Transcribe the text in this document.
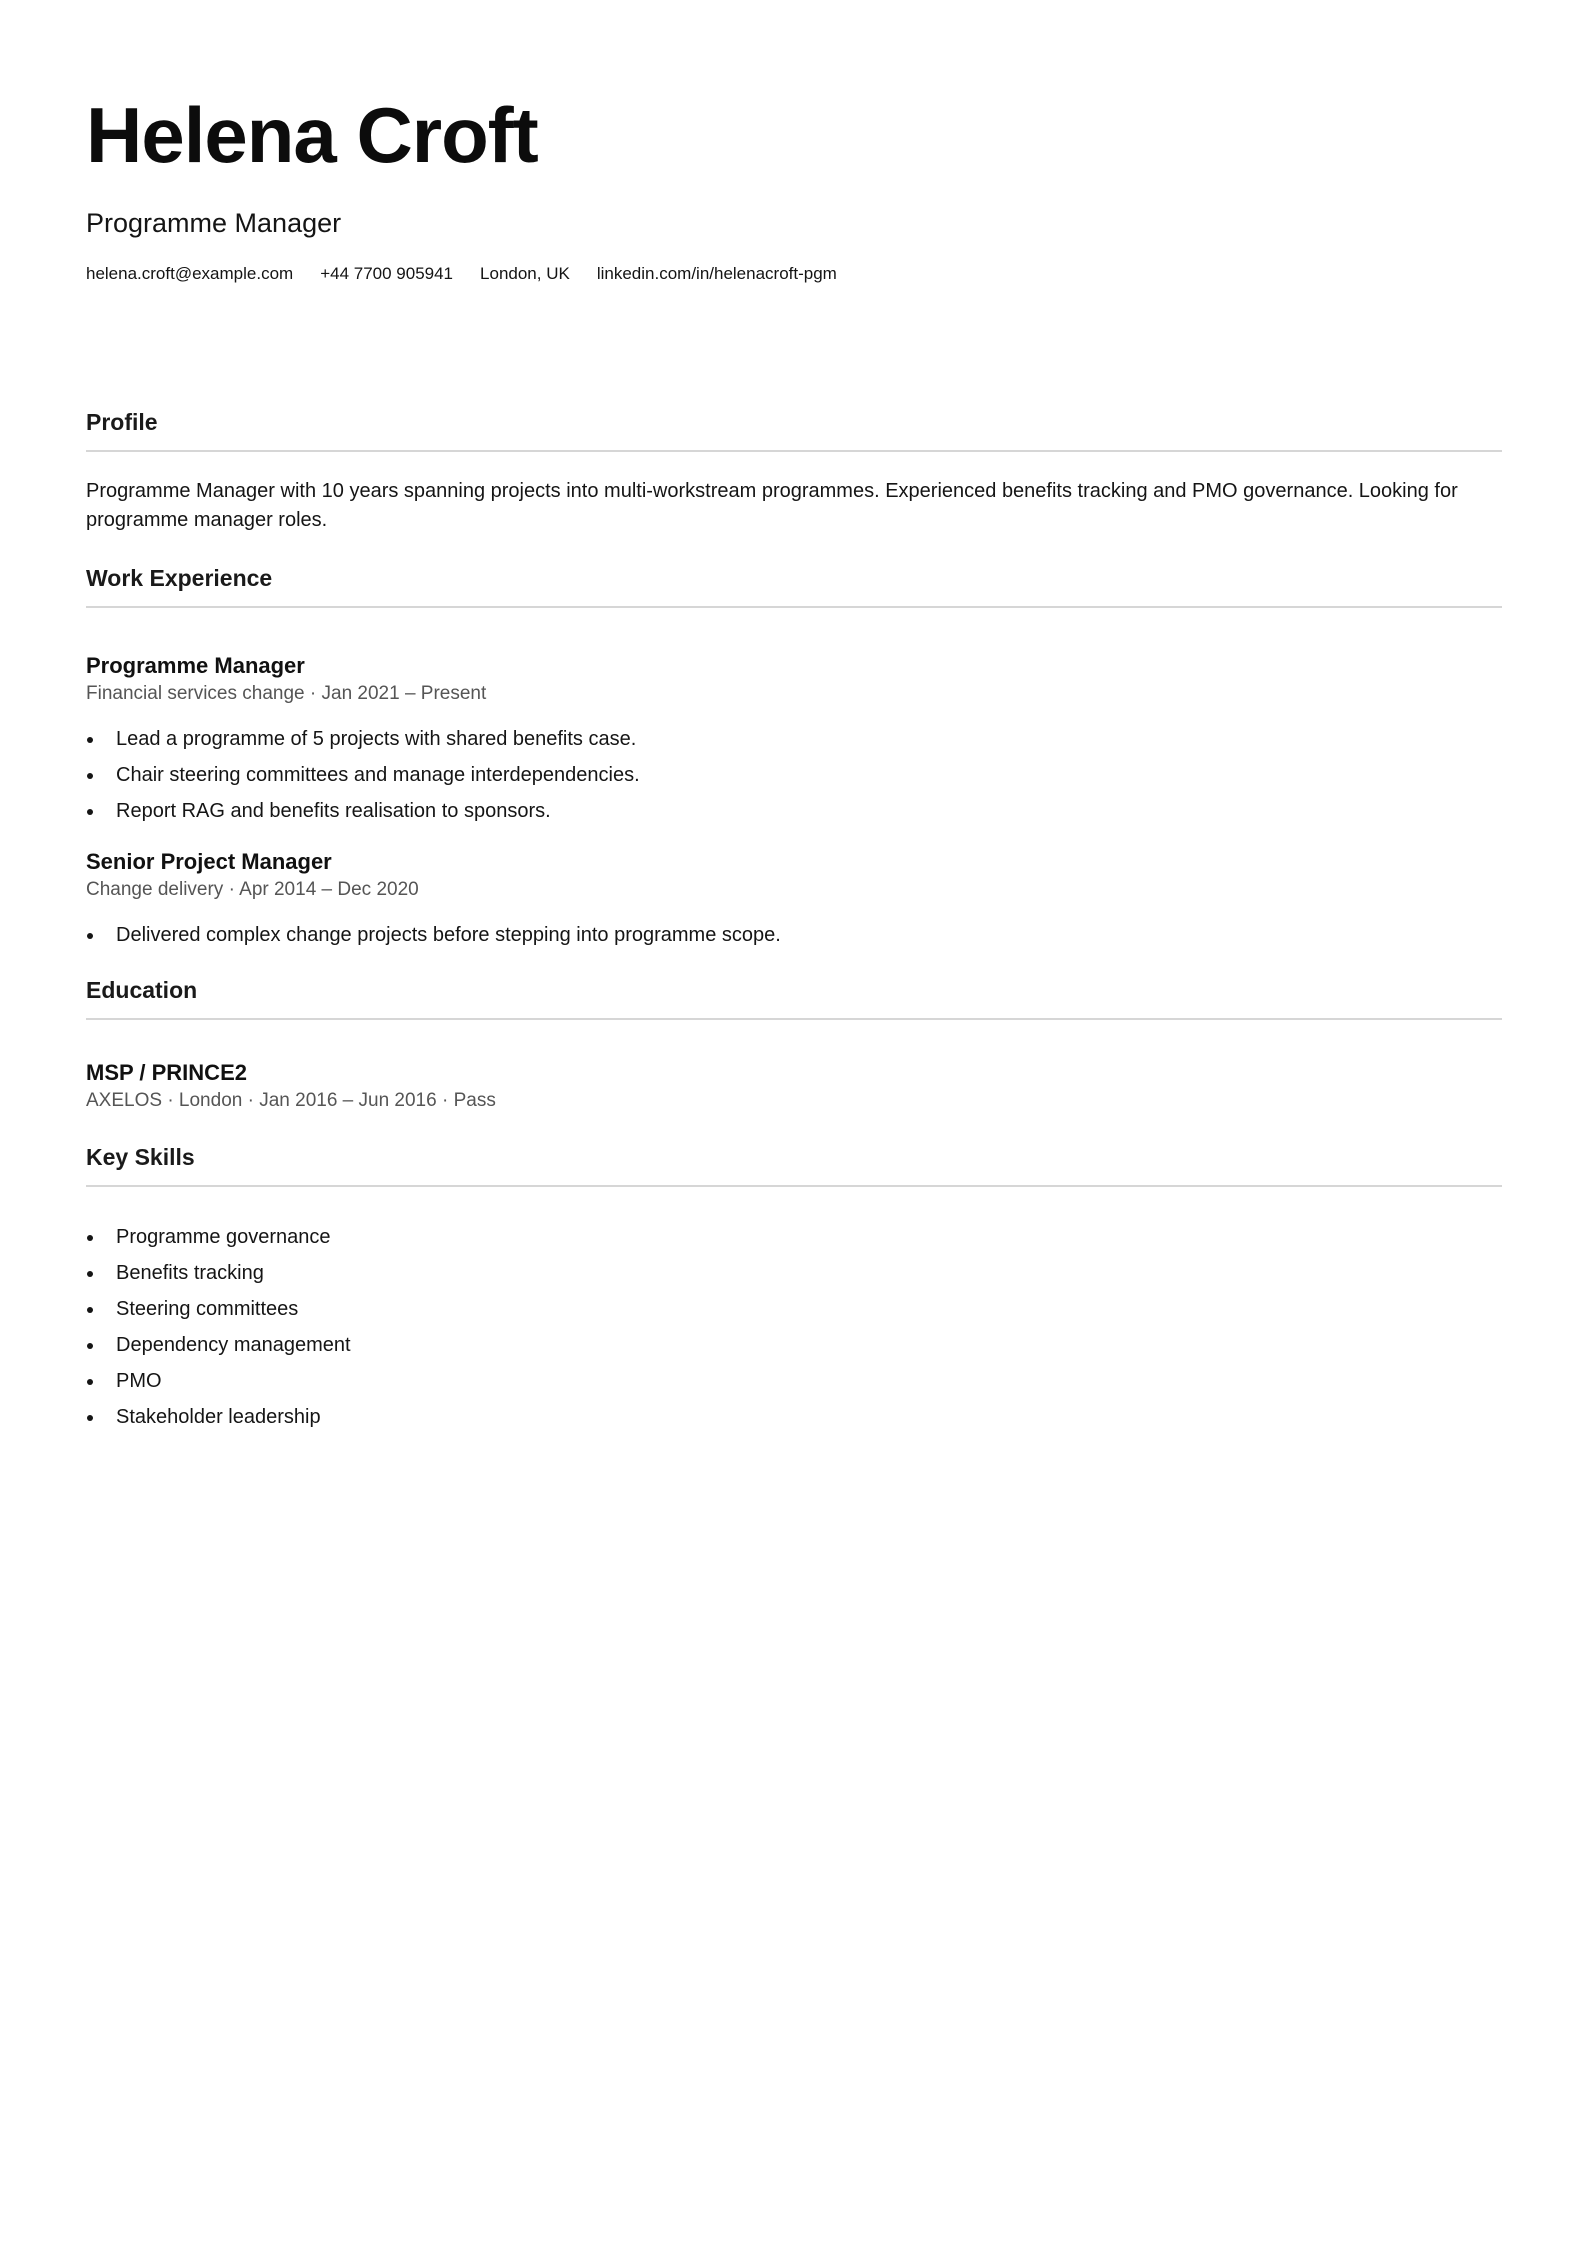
Helena Croft
Programme Manager
helena.croft@example.com +44 7700 905941 London, UK linkedin.com/in/helenacroft-pgm
Profile

Programme Manager with 10 years spanning projects into multi-workstream programmes. Experienced benefits tracking and PMO governance. Looking for programme manager roles.

Work Experience
Programme Manager
Financial services change · Jan 2021 – Present
Lead a programme of 5 projects with shared benefits case.
Chair steering committees and manage interdependencies.
Report RAG and benefits realisation to sponsors.
Senior Project Manager
Change delivery · Apr 2014 – Dec 2020
Delivered complex change projects before stepping into programme scope.
Education
MSP / PRINCE2
AXELOS · London · Jan 2016 – Jun 2016 · Pass
Key Skills
Programme governance
Benefits tracking
Steering committees
Dependency management
PMO
Stakeholder leadership
